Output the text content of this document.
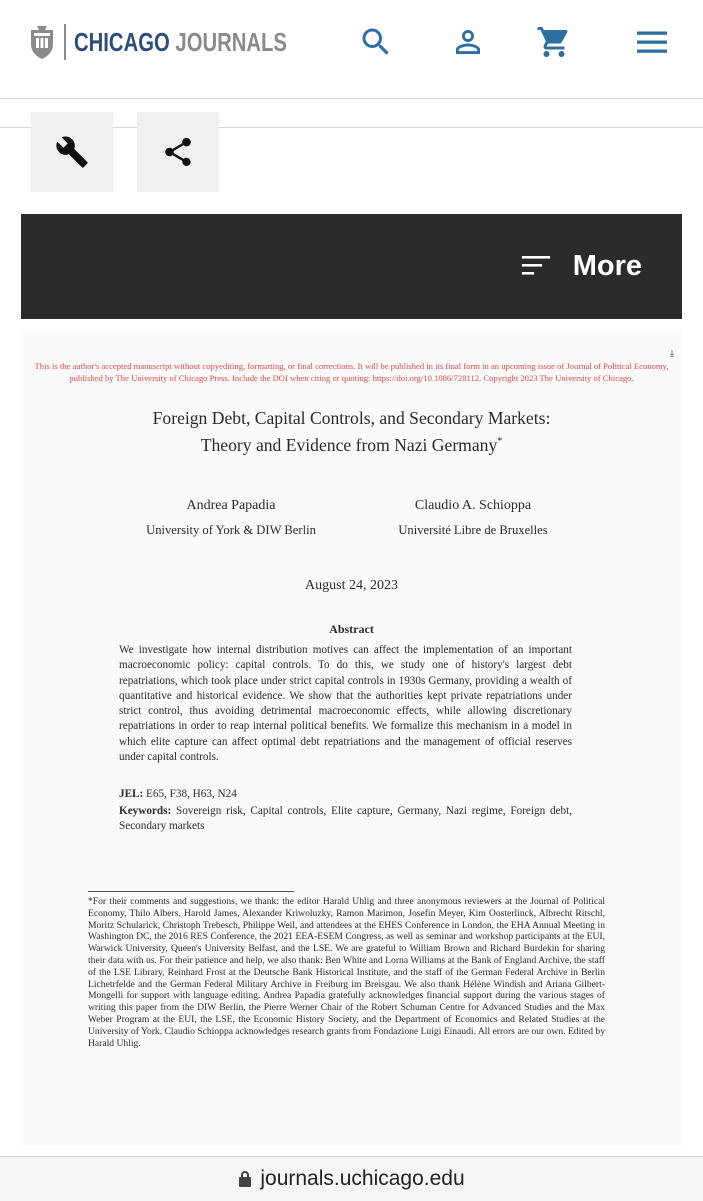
CHICAGO JOURNALS
More
This is the author's accepted manuscript without copyediting, formatting, or final corrections. It will be published in its final form in an upcoming issue of Journal of Political Economy, published by The University of Chicago Press. Include the DOI when citing or quoting: https://doi.org/10.1086/728112. Copyright 2023 The University of Chicago.
⤓
Foreign Debt, Capital Controls, and Secondary Markets:
Theory and Evidence from Nazi Germany*
Andrea Papadia
University of York & DIW Berlin
Claudio A. Schioppa
Université Libre de Bruxelles
August 24, 2023
Abstract
We investigate how internal distribution motives can affect the implementation of an important macroeconomic policy: capital controls. To do this, we study one of history's largest debt repatriations, which took place under strict capital controls in 1930s Germany, providing a wealth of quantitative and historical evidence. We show that the authorities kept private repatriations under strict control, thus avoiding detrimental macroeconomic effects, while allowing discretionary repatriations in order to reap internal political benefits. We formalize this mechanism in a model in which elite capture can affect optimal debt repatriations and the management of official reserves under capital controls.
JEL: E65, F38, H63, N24
Keywords: Sovereign risk, Capital controls, Elite capture, Germany, Nazi regime, Foreign debt, Secondary markets
*For their comments and suggestions, we thank: the editor Harald Uhlig and three anonymous reviewers at the Journal of Political Economy, Thilo Albers, Harold James, Alexander Kriwoluzky, Ramon Marimon, Josefin Meyer, Kim Oosterlinck, Albrecht Ritschl, Moritz Schularick, Christoph Trebesch, Philippe Weil, and attendees at the EHES Conference in London, the EHA Annual Meeting in Washington DC, the 2016 RES Conference, the 2021 EEA-ESEM Congress, as well as seminar and workshop participants at the EUI, Warwick University, Queen's University Belfast, and the LSE. We are grateful to William Brown and Richard Burdekin for sharing their data with us. For their patience and help, we also thank: Ben White and Lorna Williams at the Bank of England Archive, the staff of the LSE Library, Reinhard Frost at the Deutsche Bank Historical Institute, and the staff of the German Federal Archive in Berlin Lichetrfelde and the German Federal Military Archive in Freiburg im Breisgau. We also thank Hélène Windish and Ariana Gilbert-Mongelli for support with language editing. Andrea Papadia gratefully acknowledges financial support during the various stages of writing this paper from the DIW Berlin, the Pierre Werner Chair of the Robert Schuman Centre for Advanced Studies and the Max Weber Program at the EUI, the LSE, the Economic History Society, and the Department of Economics and Related Studies at the University of York. Claudio Schioppa acknowledges research grants from Fondazione Luigi Einaudi. All errors are our own. Edited by Harald Uhlig.
journals.uchicago.edu
